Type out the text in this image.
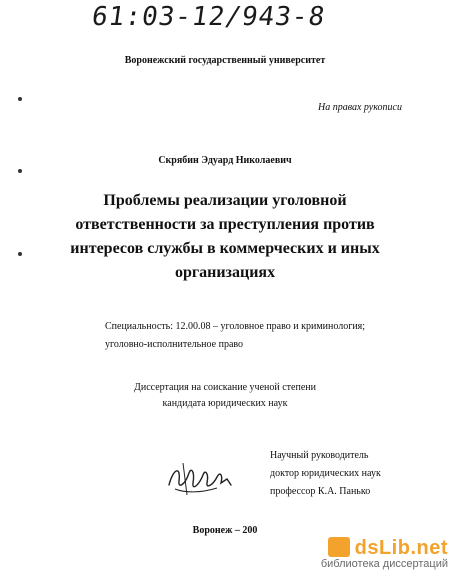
61:03-12/943-8
Воронежский государственный университет
На правах рукописи
Скрябин Эдуард Николаевич
Проблемы реализации уголовной
ответственности за преступления против
интересов службы в коммерческих и иных
организациях
Специальность: 12.00.08 – уголовное право и криминология;
уголовно-исполнительное право
Диссертация на соискание ученой степени
кандидата юридических наук
Научный руководитель
доктор юридических наук
профессор К.А. Панько
Воронеж – 200
dsLib.net
библиотека диссертаций
